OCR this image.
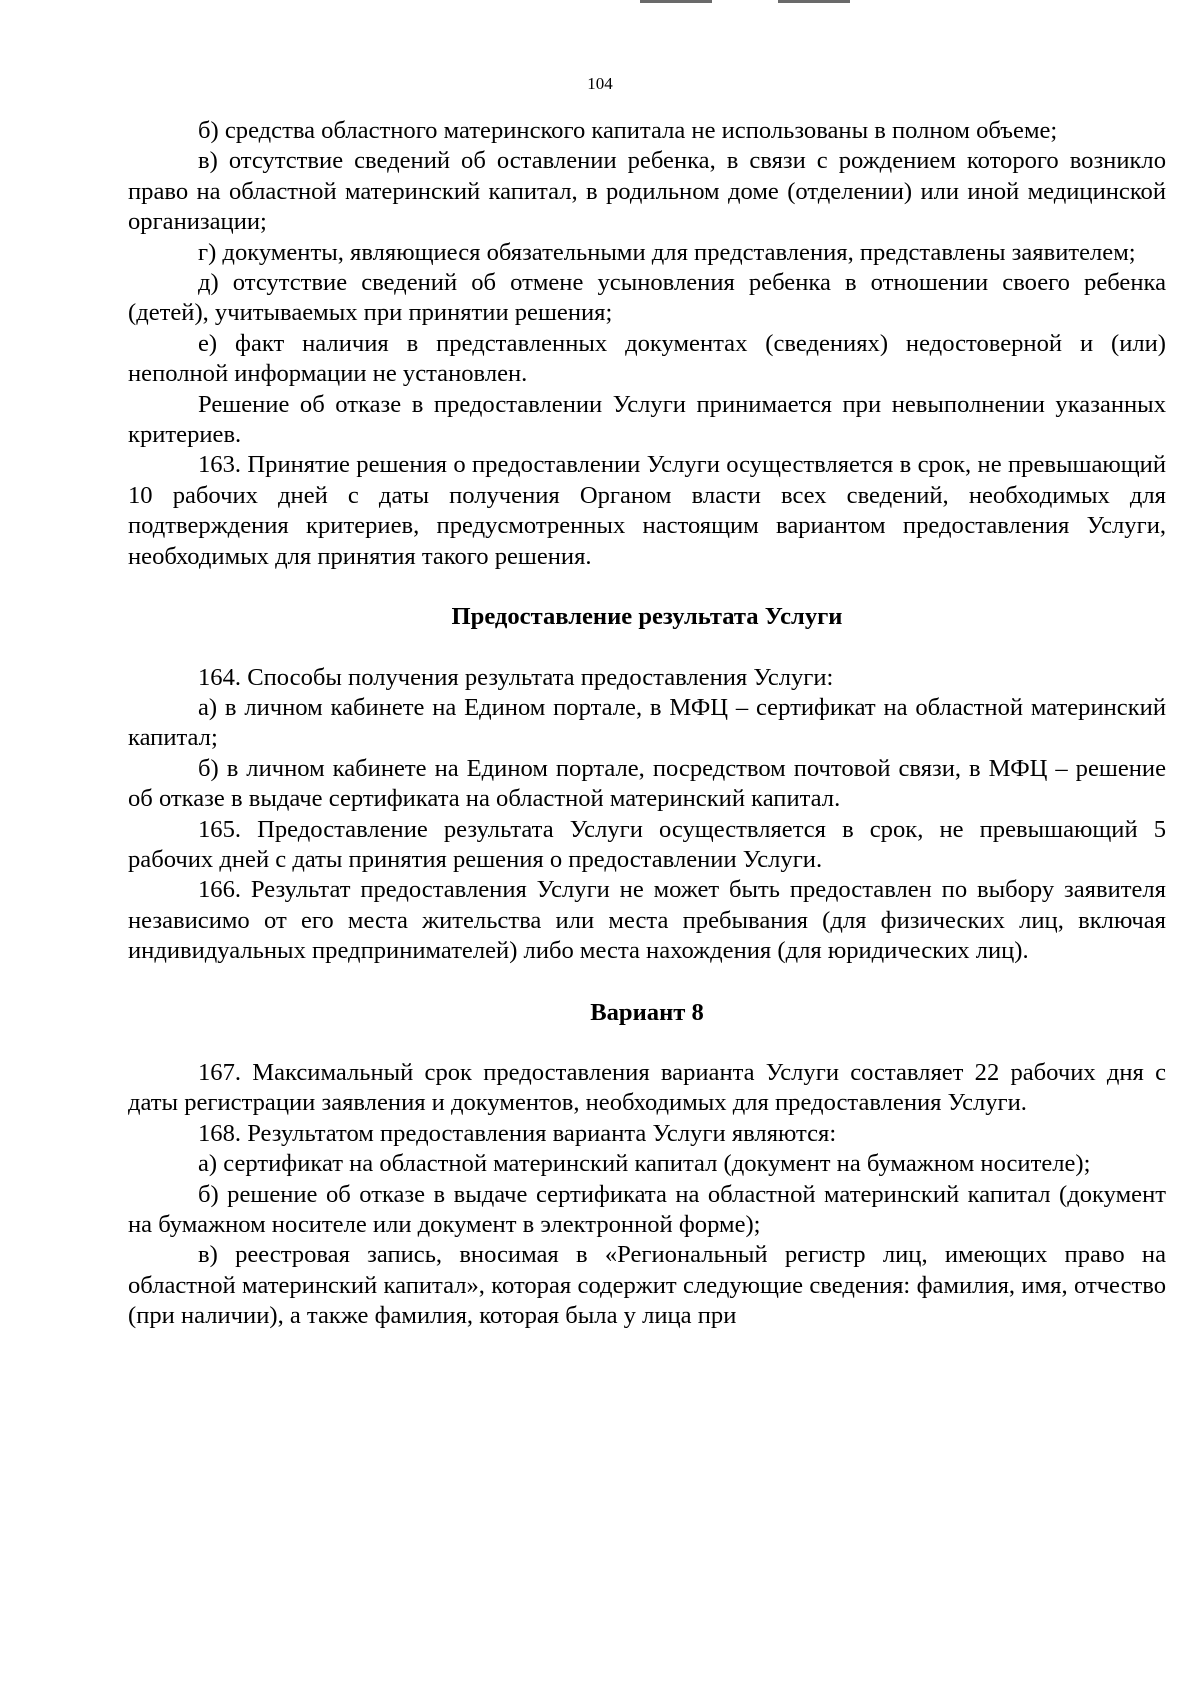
104

б) средства областного материнского капитала не использованы в полном объеме;

в) отсутствие сведений об оставлении ребенка, в связи с рождением которого возникло право на областной материнский капитал, в родильном доме (отделении) или иной медицинской организации;

г) документы, являющиеся обязательными для представления, представлены заявителем;

д) отсутствие сведений об отмене усыновления ребенка в отношении своего ребенка (детей), учитываемых при принятии решения;

е) факт наличия в представленных документах (сведениях) недостоверной и (или) неполной информации не установлен.

Решение об отказе в предоставлении Услуги принимается при невыполнении указанных критериев.

163. Принятие решения о предоставлении Услуги осуществляется в срок, не превышающий 10 рабочих дней с даты получения Органом власти всех сведений, необходимых для подтверждения критериев, предусмотренных настоящим вариантом предоставления Услуги, необходимых для принятия такого решения.

Предоставление результата Услуги

164. Способы получения результата предоставления Услуги:

а) в личном кабинете на Едином портале, в МФЦ – сертификат на областной материнский капитал;

б) в личном кабинете на Едином портале, посредством почтовой связи, в МФЦ – решение об отказе в выдаче сертификата на областной материнский капитал.

165. Предоставление результата Услуги осуществляется в срок, не превышающий 5 рабочих дней с даты принятия решения о предоставлении Услуги.

166. Результат предоставления Услуги не может быть предоставлен по выбору заявителя независимо от его места жительства или места пребывания (для физических лиц, включая индивидуальных предпринимателей) либо места нахождения (для юридических лиц).

Вариант 8

167. Максимальный срок предоставления варианта Услуги составляет 22 рабочих дня с даты регистрации заявления и документов, необходимых для предоставления Услуги.

168. Результатом предоставления варианта Услуги являются:

а) сертификат на областной материнский капитал (документ на бумажном носителе);

б) решение об отказе в выдаче сертификата на областной материнский капитал (документ на бумажном носителе или документ в электронной форме);

в) реестровая запись, вносимая в «Региональный регистр лиц, имеющих право на областной материнский капитал», которая содержит следующие сведения: фамилия, имя, отчество (при наличии), а также фамилия, которая была у лица при
